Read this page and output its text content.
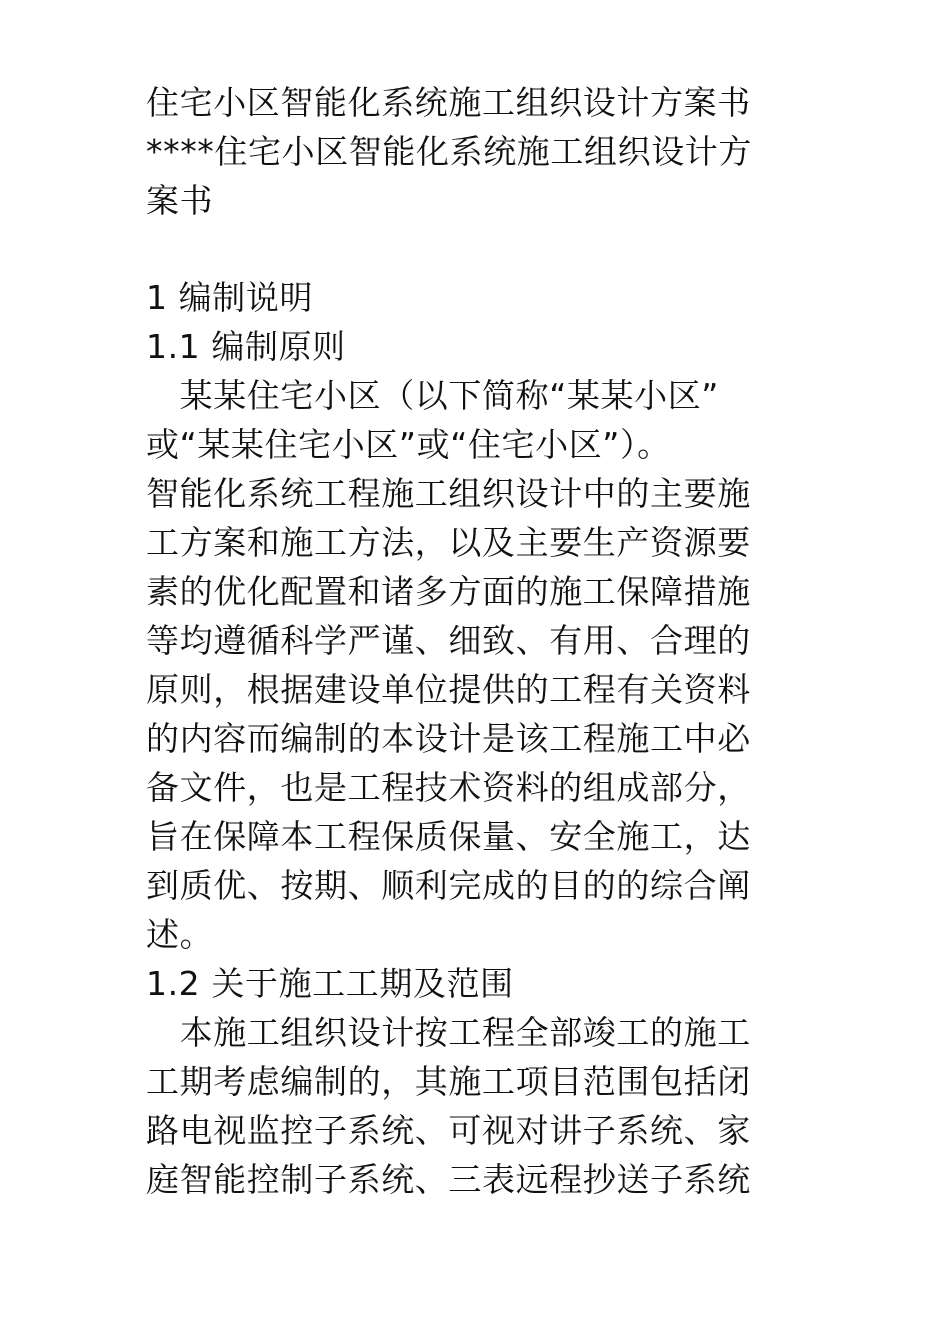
住宅小区智能化系统施工组织设计方案书
****住宅小区智能化系统施工组织设计方
案书
1 编制说明
1.1 编制原则
　某某住宅小区（以下简称“某某小区”
或“某某住宅小区”或“住宅小区”）。
智能化系统工程施工组织设计中的主要施
工方案和施工方法，以及主要生产资源要
素的优化配置和诸多方面的施工保障措施
等均遵循科学严谨、细致、有用、合理的
原则，根据建设单位提供的工程有关资料
的内容而编制的本设计是该工程施工中必
备文件，也是工程技术资料的组成部分，
旨在保障本工程保质保量、安全施工，达
到质优、按期、顺利完成的目的的综合阐
述。
1.2 关于施工工期及范围
　本施工组织设计按工程全部竣工的施工
工期考虑编制的，其施工项目范围包括闭
路电视监控子系统、可视对讲子系统、家
庭智能控制子系统、三表远程抄送子系统
